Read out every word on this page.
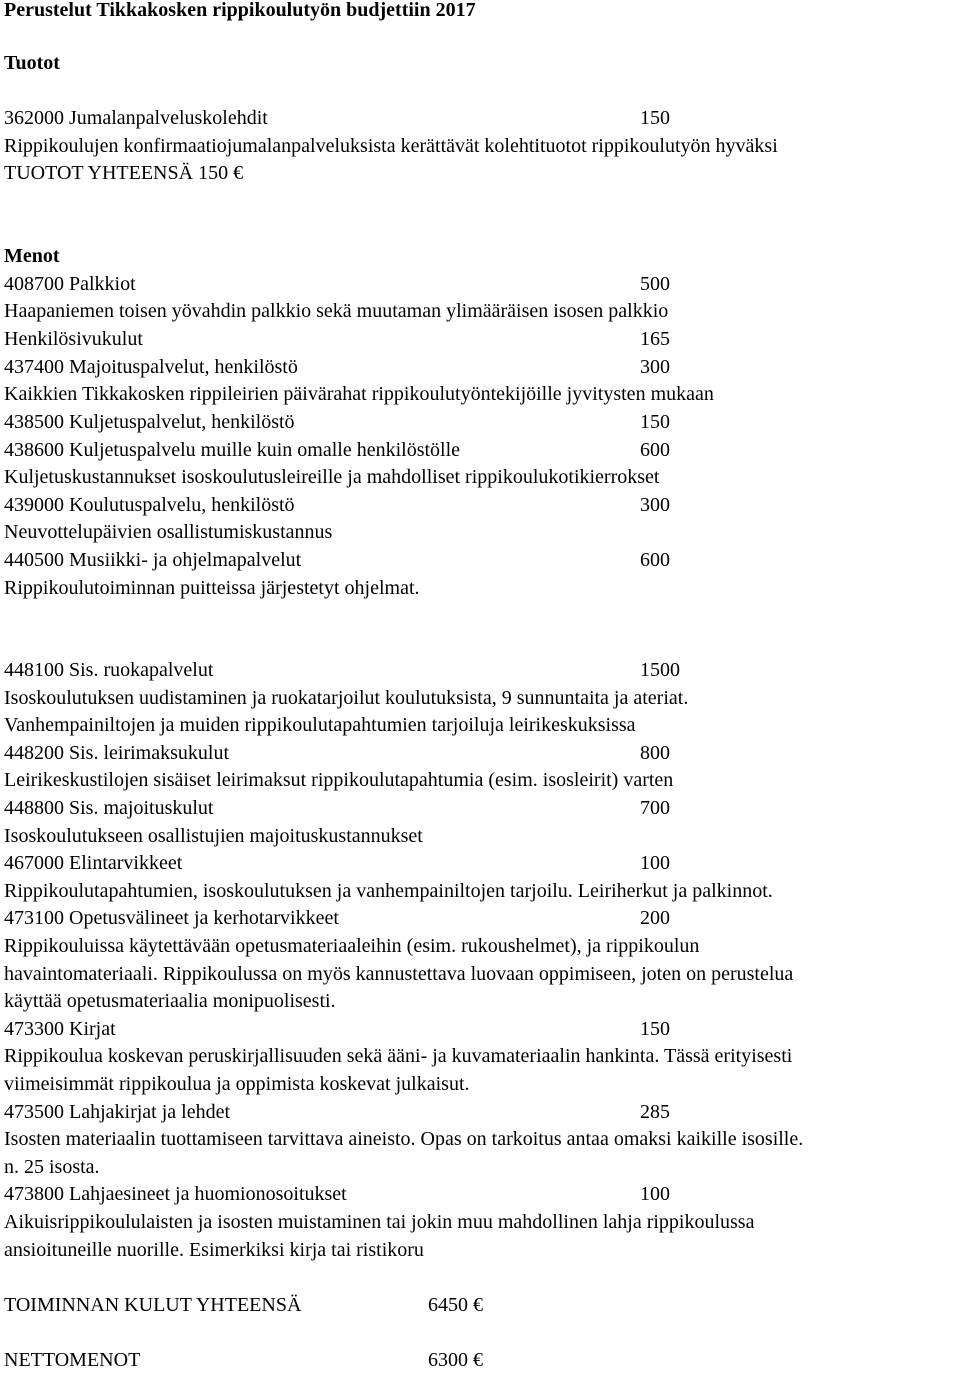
Perustelut Tikkakosken rippikoulutyön budjettiin 2017
Tuotot
362000 Jumalanpalveluskolehdit	150
Rippikoulujen konfirmaatiojumalanpalveluksista kerättävät kolehtituotot rippikoulutyön hyväksi
TUOTOT YHTEENSÄ 150 €
Menot
408700 Palkkiot	500
Haapaniemen toisen yövahdin palkkio sekä muutaman ylimääräisen isosen palkkio
Henkilösivukulut	165
437400 Majoituspalvelut, henkilöstö	300
Kaikkien Tikkakosken rippileirien päivärahat rippikoulutyöntekijöille jyvitysten mukaan
438500 Kuljetuspalvelut, henkilöstö	150
438600 Kuljetuspalvelu muille kuin omalle henkilöstölle	600
Kuljetuskustannukset isoskoulutusleireille ja mahdolliset rippikoulukotikierrokset
439000 Koulutuspalvelu, henkilöstö	300
Neuvottelupäivien osallistumiskustannus
440500 Musiikki- ja ohjelmapalvelut	600
Rippikoulutoiminnan puitteissa järjestetyt ohjelmat.
448100 Sis. ruokapalvelut	1500
Isoskoulutuksen uudistaminen ja ruokatarjoilut koulutuksista, 9 sunnuntaita ja ateriat.
Vanhempainiltojen ja muiden rippikoulutapahtumien tarjoiluja leirikeskuksissa
448200 Sis. leirimaksukulut	800
Leirikeskustilojen sisäiset leirimaksut rippikoulutapahtumia (esim. isosleirit) varten
448800 Sis. majoituskulut	700
Isoskoulutukseen osallistujien majoituskustannukset
467000 Elintarvikkeet	100
Rippikoulutapahtumien, isoskoulutuksen ja vanhempainiltojen tarjoilu. Leiriherkut ja palkinnot.
473100 Opetusvälineet ja kerhotarvikkeet	200
Rippikouluissa käytettävään opetusmateriaaleihin (esim. rukoushelmet), ja rippikoulun
havaintomateriaali. Rippikoulussa on myös kannustettava luovaan oppimiseen, joten on perustelua
käyttää opetusmateriaalia monipuolisesti.
473300 Kirjat	150
Rippikoulua koskevan peruskirjallisuuden sekä ääni- ja kuvamateriaalin hankinta. Tässä erityisesti
viimeisimmät rippikoulua ja oppimista koskevat julkaisut.
473500 Lahjakirjat ja lehdet	285
Isosten materiaalin tuottamiseen tarvittava aineisto. Opas on tarkoitus antaa omaksi kaikille isosille.
n. 25 isosta.
473800 Lahjaesineet ja huomionosoitukset	100
Aikuisrippikoululaisten ja isosten muistaminen tai jokin muu mahdollinen lahja rippikoulussa
ansioituneille nuorille. Esimerkiksi kirja tai ristikoru
TOIMINNAN KULUT YHTEENSÄ	6450 €
NETTOMENOT	6300 €
